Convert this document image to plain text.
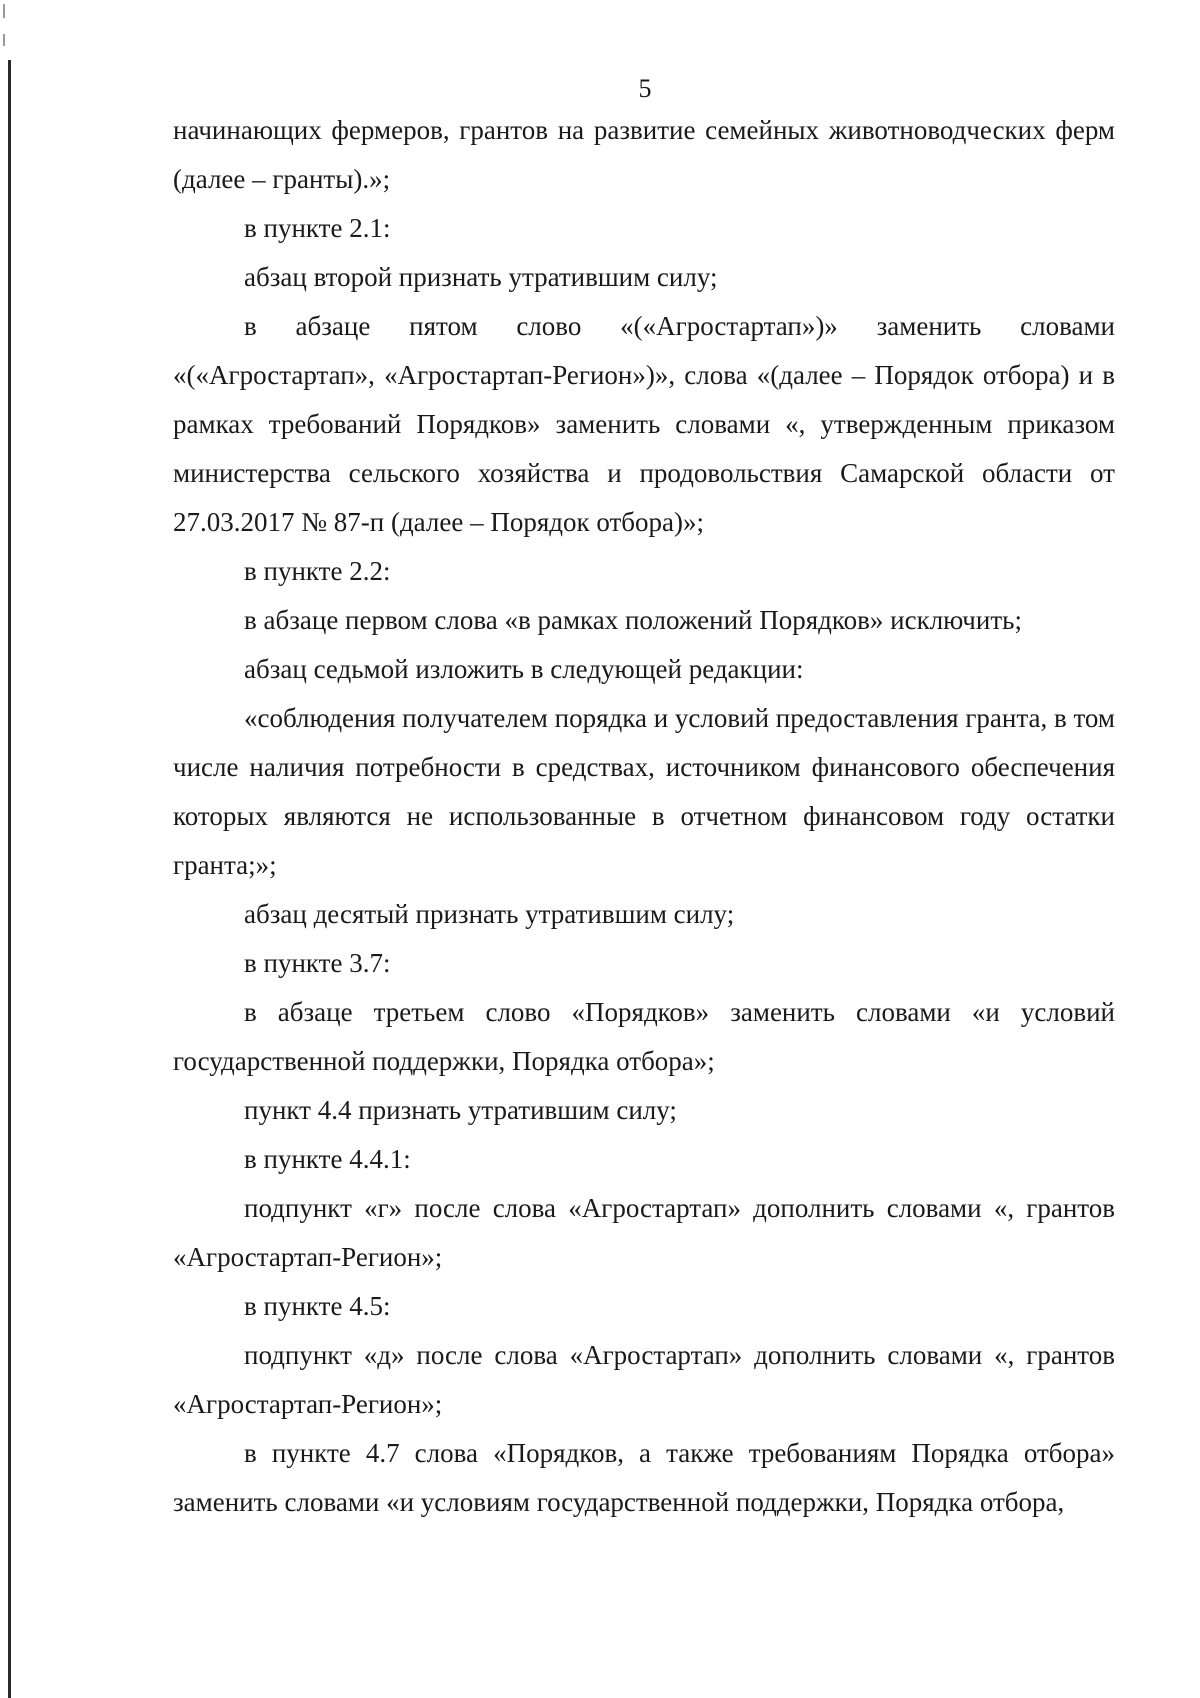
5

начинающих фермеров, грантов на развитие семейных животноводческих ферм (далее – гранты).»;

в пункте 2.1:

абзац второй признать утратившим силу;

в абзаце пятом слово «(«Агростартап»)» заменить словами «(«Агростартап», «Агростартап-Регион»)», слова «(далее – Порядок отбора) и в рамках требований Порядков» заменить словами «, утвержденным приказом министерства сельского хозяйства и продовольствия Самарской области от 27.03.2017 № 87-п (далее – Порядок отбора)»;

в пункте 2.2:

в абзаце первом слова «в рамках положений Порядков» исключить;

абзац седьмой изложить в следующей редакции:

«соблюдения получателем порядка и условий предоставления гранта, в том числе наличия потребности в средствах, источником финансового обеспечения которых являются не использованные в отчетном финансовом году остатки гранта;»;

абзац десятый признать утратившим силу;

в пункте 3.7:

в абзаце третьем слово «Порядков» заменить словами «и условий государственной поддержки, Порядка отбора»;

пункт 4.4 признать утратившим силу;

в пункте 4.4.1:

подпункт «г» после слова «Агростартап» дополнить словами «, грантов «Агростартап-Регион»;

в пункте 4.5:

подпункт «д» после слова «Агростартап» дополнить словами «, грантов «Агростартап-Регион»;

в пункте 4.7 слова «Порядков, а также требованиям Порядка отбора» заменить словами «и условиям государственной поддержки, Порядка отбора,
